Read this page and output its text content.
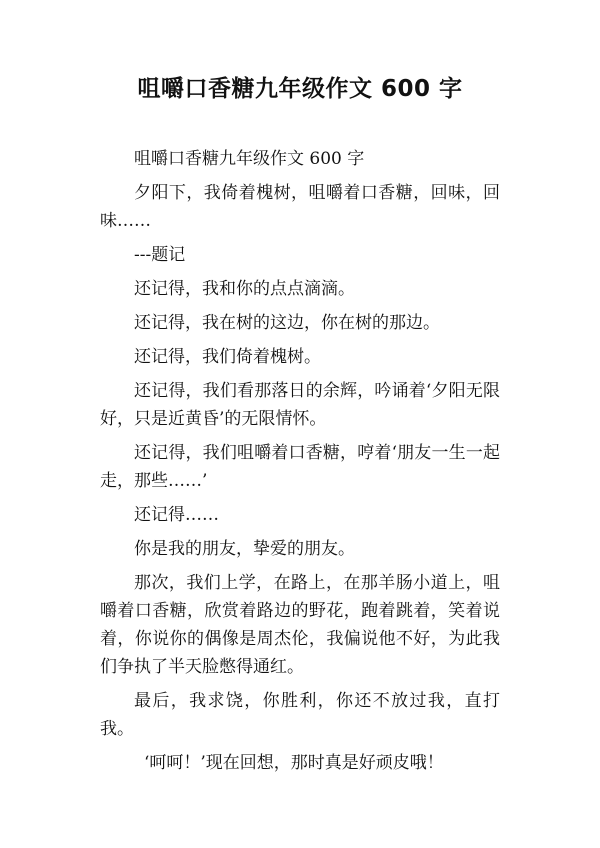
咀嚼口香糖九年级作文 600 字

咀嚼口香糖九年级作文 600 字

夕阳下，我倚着槐树，咀嚼着口香糖，回味，回味……

---题记

还记得，我和你的点点滴滴。

还记得，我在树的这边，你在树的那边。

还记得，我们倚着槐树。

还记得，我们看那落日的余辉，吟诵着‘夕阳无限好，只是近黄昏’的无限情怀。

还记得，我们咀嚼着口香糖，哼着‘朋友一生一起走，那些……’

还记得……

你是我的朋友，挚爱的朋友。

那次，我们上学，在路上，在那羊肠小道上，咀嚼着口香糖，欣赏着路边的野花，跑着跳着，笑着说着，你说你的偶像是周杰伦，我偏说他不好，为此我们争执了半天脸憋得通红。

最后，我求饶，你胜利，你还不放过我，直打我。

‘呵呵！’现在回想，那时真是好顽皮哦！
